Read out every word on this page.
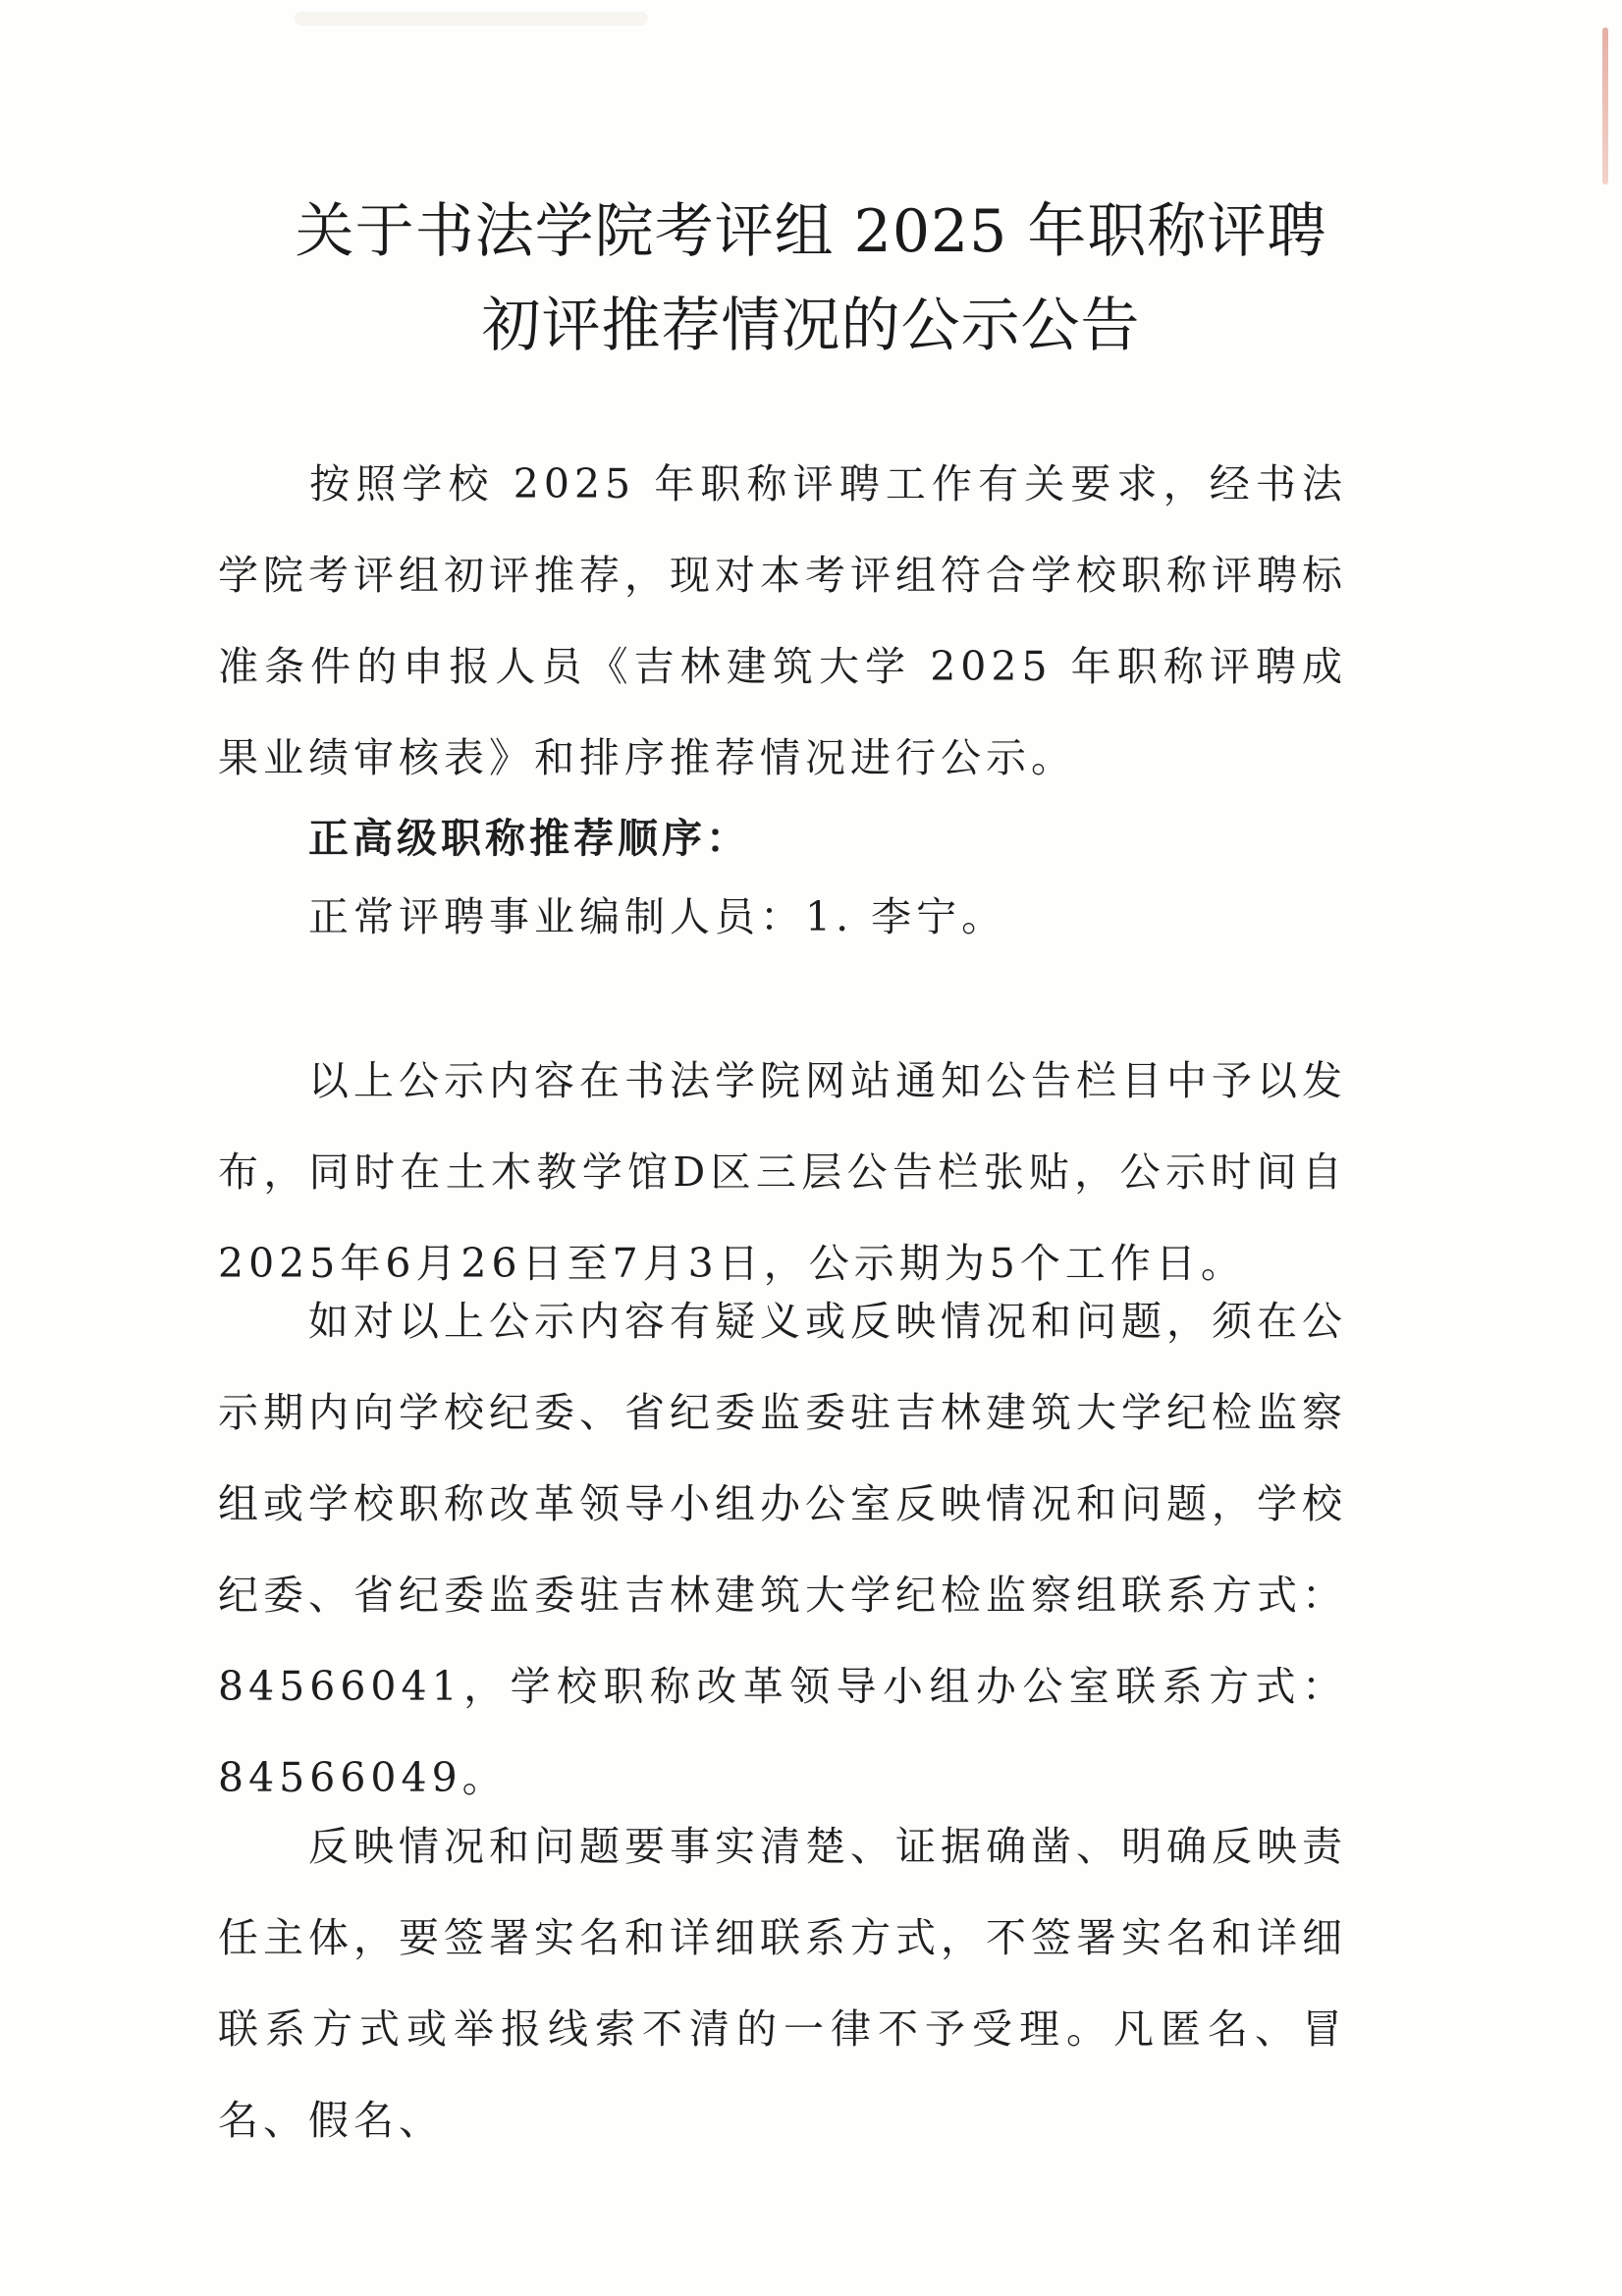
关于书法学院考评组 2025 年职称评聘
初评推荐情况的公示公告

按照学校 2025 年职称评聘工作有关要求，经书法学院考评组初评推荐，现对本考评组符合学校职称评聘标准条件的申报人员《吉林建筑大学 2025 年职称评聘成果业绩审核表》和排序推荐情况进行公示。

正高级职称推荐顺序：

正常评聘事业编制人员：1. 李宁。

以上公示内容在书法学院网站通知公告栏目中予以发布，同时在土木教学馆D区三层公告栏张贴，公示时间自2025年6月26日至7月3日，公示期为5个工作日。

如对以上公示内容有疑义或反映情况和问题，须在公示期内向学校纪委、省纪委监委驻吉林建筑大学纪检监察组或学校职称改革领导小组办公室反映情况和问题，学校纪委、省纪委监委驻吉林建筑大学纪检监察组联系方式：84566041，学校职称改革领导小组办公室联系方式：84566049。

反映情况和问题要事实清楚、证据确凿、明确反映责任主体，要签署实名和详细联系方式，不签署实名和详细联系方式或举报线索不清的一律不予受理。凡匿名、冒名、假名、
